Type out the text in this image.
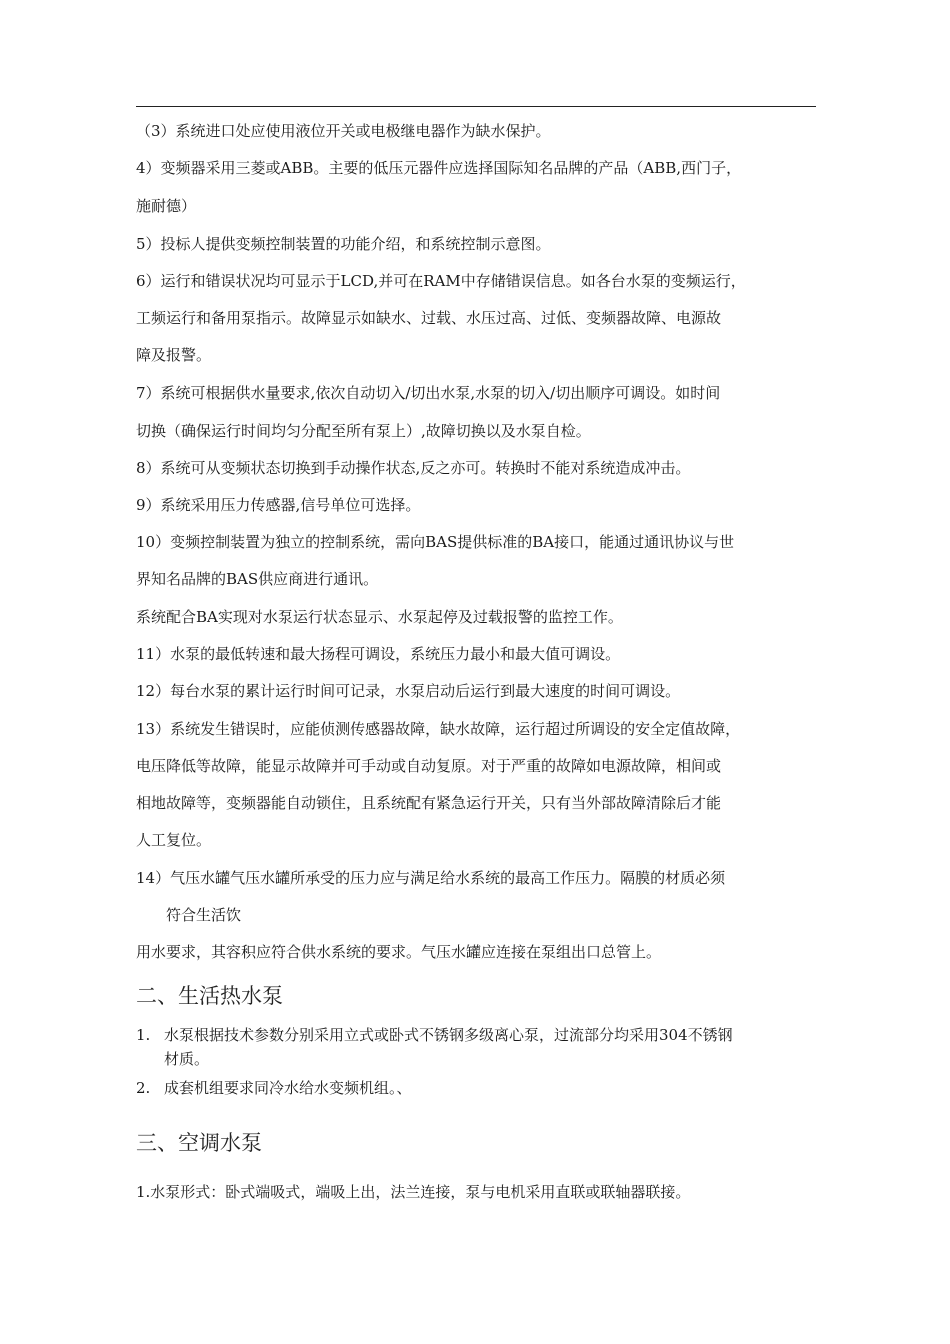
（3）系统进口处应使用液位开关或电极继电器作为缺水保护。
4）变频器采用三菱或ABB。主要的低压元器件应选择国际知名品牌的产品（ABB,西门子，
施耐德）
5）投标人提供变频控制装置的功能介绍，和系统控制示意图。
6）运行和错误状况均可显示于LCD,并可在RAM中存储错误信息。如各台水泵的变频运行，
工频运行和备用泵指示。故障显示如缺水、过载、水压过高、过低、变频器故障、电源故
障及报警。
7）系统可根据供水量要求,依次自动切入/切出水泵,水泵的切入/切出顺序可调设。如时间
切换（确保运行时间均匀分配至所有泵上）,故障切换以及水泵自检。
8）系统可从变频状态切换到手动操作状态,反之亦可。转换时不能对系统造成冲击。
9）系统采用压力传感器,信号单位可选择。
10）变频控制装置为独立的控制系统，需向BAS提供标准的BA接口，能通过通讯协议与世
界知名品牌的BAS供应商进行通讯。
系统配合BA实现对水泵运行状态显示、水泵起停及过载报警的监控工作。
11）水泵的最低转速和最大扬程可调设，系统压力最小和最大值可调设。
12）每台水泵的累计运行时间可记录，水泵启动后运行到最大速度的时间可调设。
13）系统发生错误时，应能侦测传感器故障，缺水故障，运行超过所调设的安全定值故障，
电压降低等故障，能显示故障并可手动或自动复原。对于严重的故障如电源故障，相间或
相地故障等，变频器能自动锁住，且系统配有紧急运行开关，只有当外部故障清除后才能
人工复位。
14）气压水罐气压水罐所承受的压力应与满足给水系统的最高工作压力。隔膜的材质必须
符合生活饮
用水要求，其容积应符合供水系统的要求。气压水罐应连接在泵组出口总管上。
二、生活热水泵
1. 水泵根据技术参数分别采用立式或卧式不锈钢多级离心泵，过流部分均采用304不锈钢
材质。
2. 成套机组要求同冷水给水变频机组。、
三、空调水泵
1.水泵形式：卧式端吸式，端吸上出，法兰连接，泵与电机采用直联或联轴器联接。
